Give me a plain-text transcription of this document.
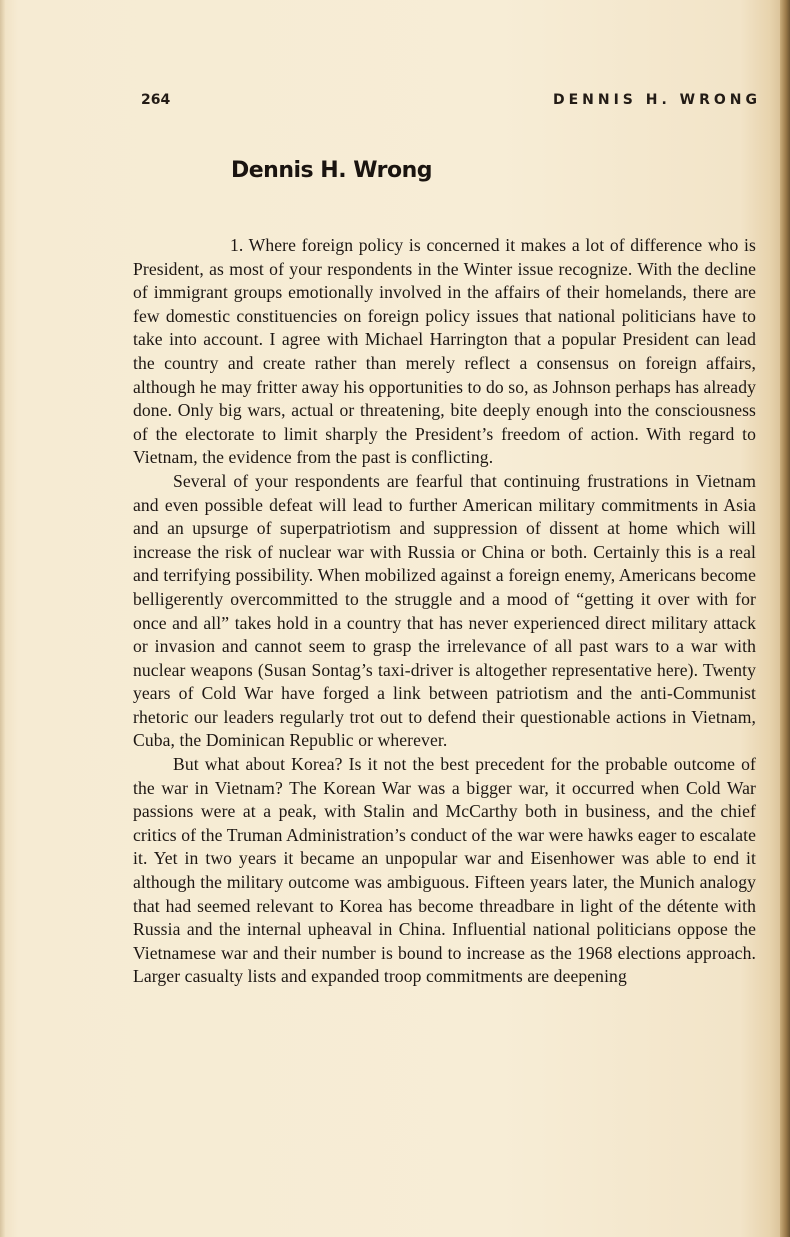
264	DENNIS H. WRONG
Dennis H. Wrong

1. Where foreign policy is concerned it makes a lot of difference who is President, as most of your respondents in the Winter issue recognize. With the decline of immigrant groups emotionally involved in the affairs of their homelands, there are few domestic constituencies on foreign policy issues that national politicians have to take into account. I agree with Michael Harrington that a popular President can lead the country and create rather than merely reflect a consensus on foreign affairs, although he may fritter away his opportunities to do so, as Johnson perhaps has already done. Only big wars, actual or threatening, bite deeply enough into the consciousness of the electorate to limit sharply the President’s freedom of action. With regard to Vietnam, the evidence from the past is conflicting.

Several of your respondents are fearful that continuing frustrations in Vietnam and even possible defeat will lead to further American military commitments in Asia and an upsurge of superpatriotism and suppression of dissent at home which will increase the risk of nuclear war with Russia or China or both. Certainly this is a real and terrifying possibility. When mobilized against a foreign enemy, Americans become belligerently overcommitted to the struggle and a mood of “getting it over with for once and all” takes hold in a country that has never experienced direct military attack or invasion and cannot seem to grasp the irrelevance of all past wars to a war with nuclear weapons (Susan Sontag’s taxi-driver is altogether representative here). Twenty years of Cold War have forged a link between patriotism and the anti-Communist rhetoric our leaders regularly trot out to defend their questionable actions in Vietnam, Cuba, the Dominican Republic or wherever.

But what about Korea? Is it not the best precedent for the probable outcome of the war in Vietnam? The Korean War was a bigger war, it occurred when Cold War passions were at a peak, with Stalin and McCarthy both in business, and the chief critics of the Truman Administration’s conduct of the war were hawks eager to escalate it. Yet in two years it became an unpopular war and Eisenhower was able to end it although the military outcome was ambiguous. Fifteen years later, the Munich analogy that had seemed relevant to Korea has become threadbare in light of the détente with Russia and the internal upheaval in China. Influential national politicians oppose the Vietnamese war and their number is bound to increase as the 1968 elections approach. Larger casualty lists and expanded troop commitments are deepening
